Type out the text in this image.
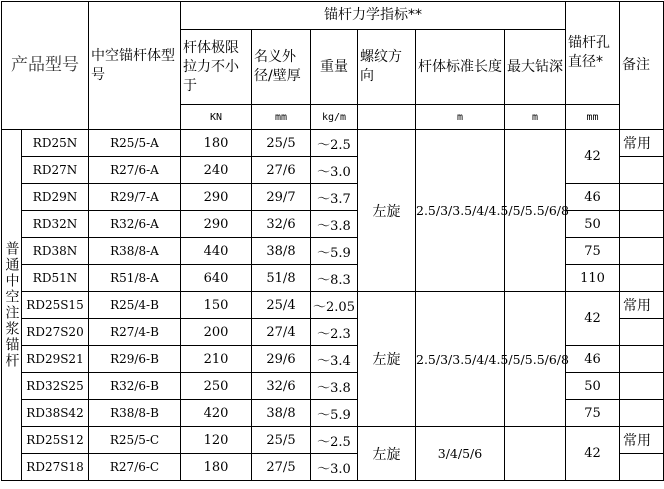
产品型号		中空锚杆体型号	锚杆力学指标**						锚杆孔直径*	备注
			杆体极限拉力不小于	名义外径/壁厚	重量	螺纹方向	杆体标准长度	最大钻深		
			KN	mm	kg/m		m	m	mm	
普通中空注浆锚杆	RD25N	R25/5-A	180	25/5	～2.5	左旋	2.5/3/3.5/4/4.5/5/5.5/6/8		42	常用
	RD27N	R27/6-A	240	27/6	～3.0					
	RD29N	R29/7-A	290	29/7	～3.7				46	
	RD32N	R32/6-A	290	32/6	～3.8				50	
	RD38N	R38/8-A	440	38/8	～5.9				75	
	RD51N	R51/8-A	640	51/8	～8.3				110	
	RD25S15	R25/4-B	150	25/4	～2.05	左旋	2.5/3/3.5/4/4.5/5/5.5/6/8		42	常用
	RD27S20	R27/4-B	200	27/4	～2.3					
	RD29S21	R29/6-B	210	29/6	～3.4				46	
	RD32S25	R32/6-B	250	32/6	～3.8				50	
	RD38S42	R38/8-B	420	38/8	～5.9				75	
	RD25S12	R25/5-C	120	25/5	～2.5	左旋	3/4/5/6		42	常用
	RD27S18	R27/6-C	180	27/5	～3.0					
